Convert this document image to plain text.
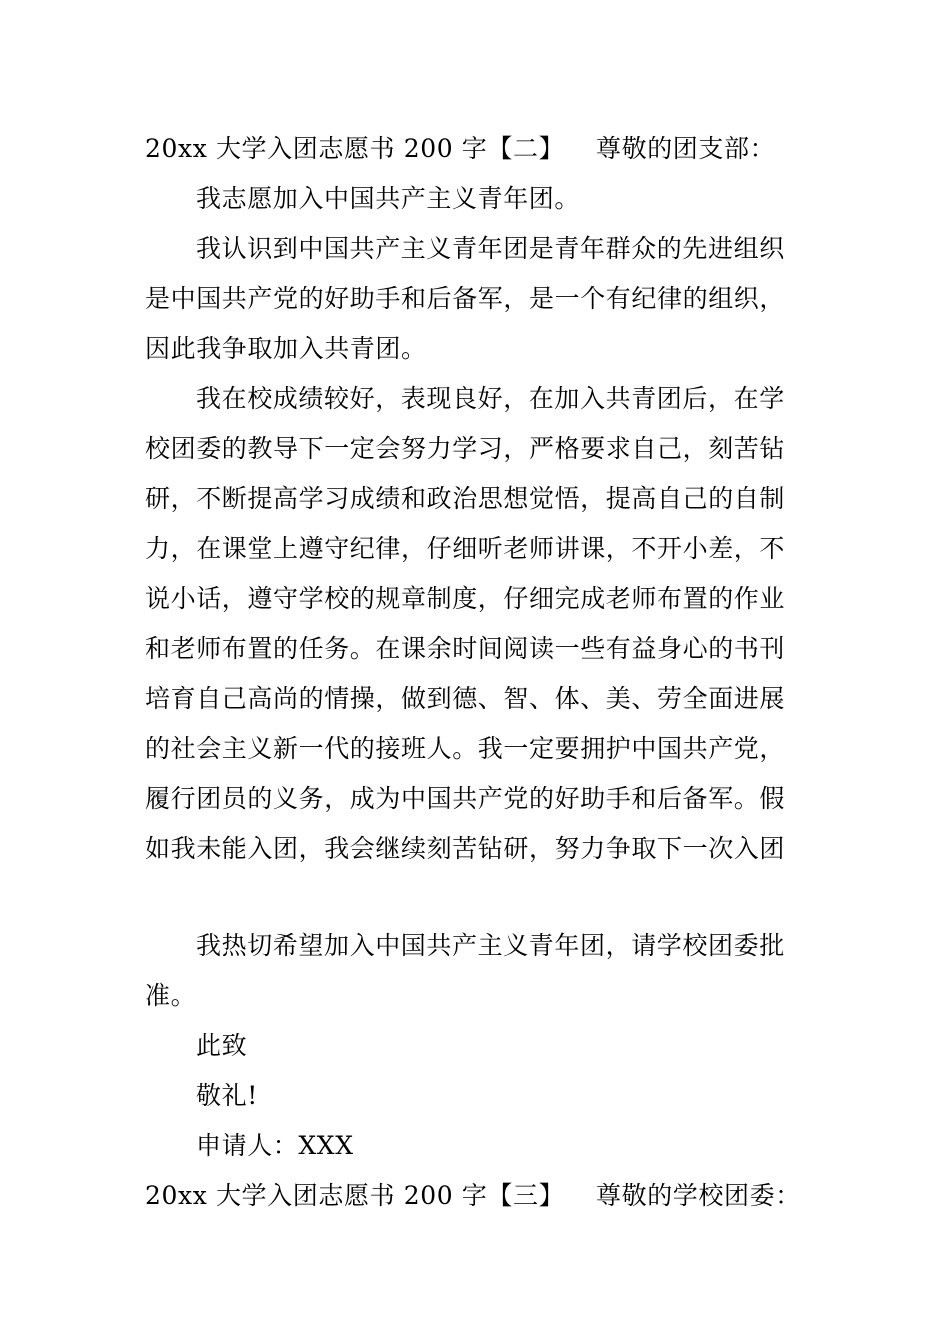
20xx 大学入团志愿书 200 字【二】 尊敬的团支部：
我志愿加入中国共产主义青年团。
我认识到中国共产主义青年团是青年群众的先进组织
是中国共产党的好助手和后备军，是一个有纪律的组织，
因此我争取加入共青团。
我在校成绩较好，表现良好，在加入共青团后，在学
校团委的教导下一定会努力学习，严格要求自己，刻苦钻
研，不断提高学习成绩和政治思想觉悟，提高自己的自制
力，在课堂上遵守纪律，仔细听老师讲课，不开小差，不
说小话，遵守学校的规章制度，仔细完成老师布置的作业
和老师布置的任务。在课余时间阅读一些有益身心的书刊
培育自己高尚的情操，做到德、智、体、美、劳全面进展
的社会主义新一代的接班人。我一定要拥护中国共产党，
履行团员的义务，成为中国共产党的好助手和后备军。假
如我未能入团，我会继续刻苦钻研，努力争取下一次入团
我热切希望加入中国共产主义青年团，请学校团委批
准。
此致
敬礼!
申请人：XXX
20xx 大学入团志愿书 200 字【三】 尊敬的学校团委：
